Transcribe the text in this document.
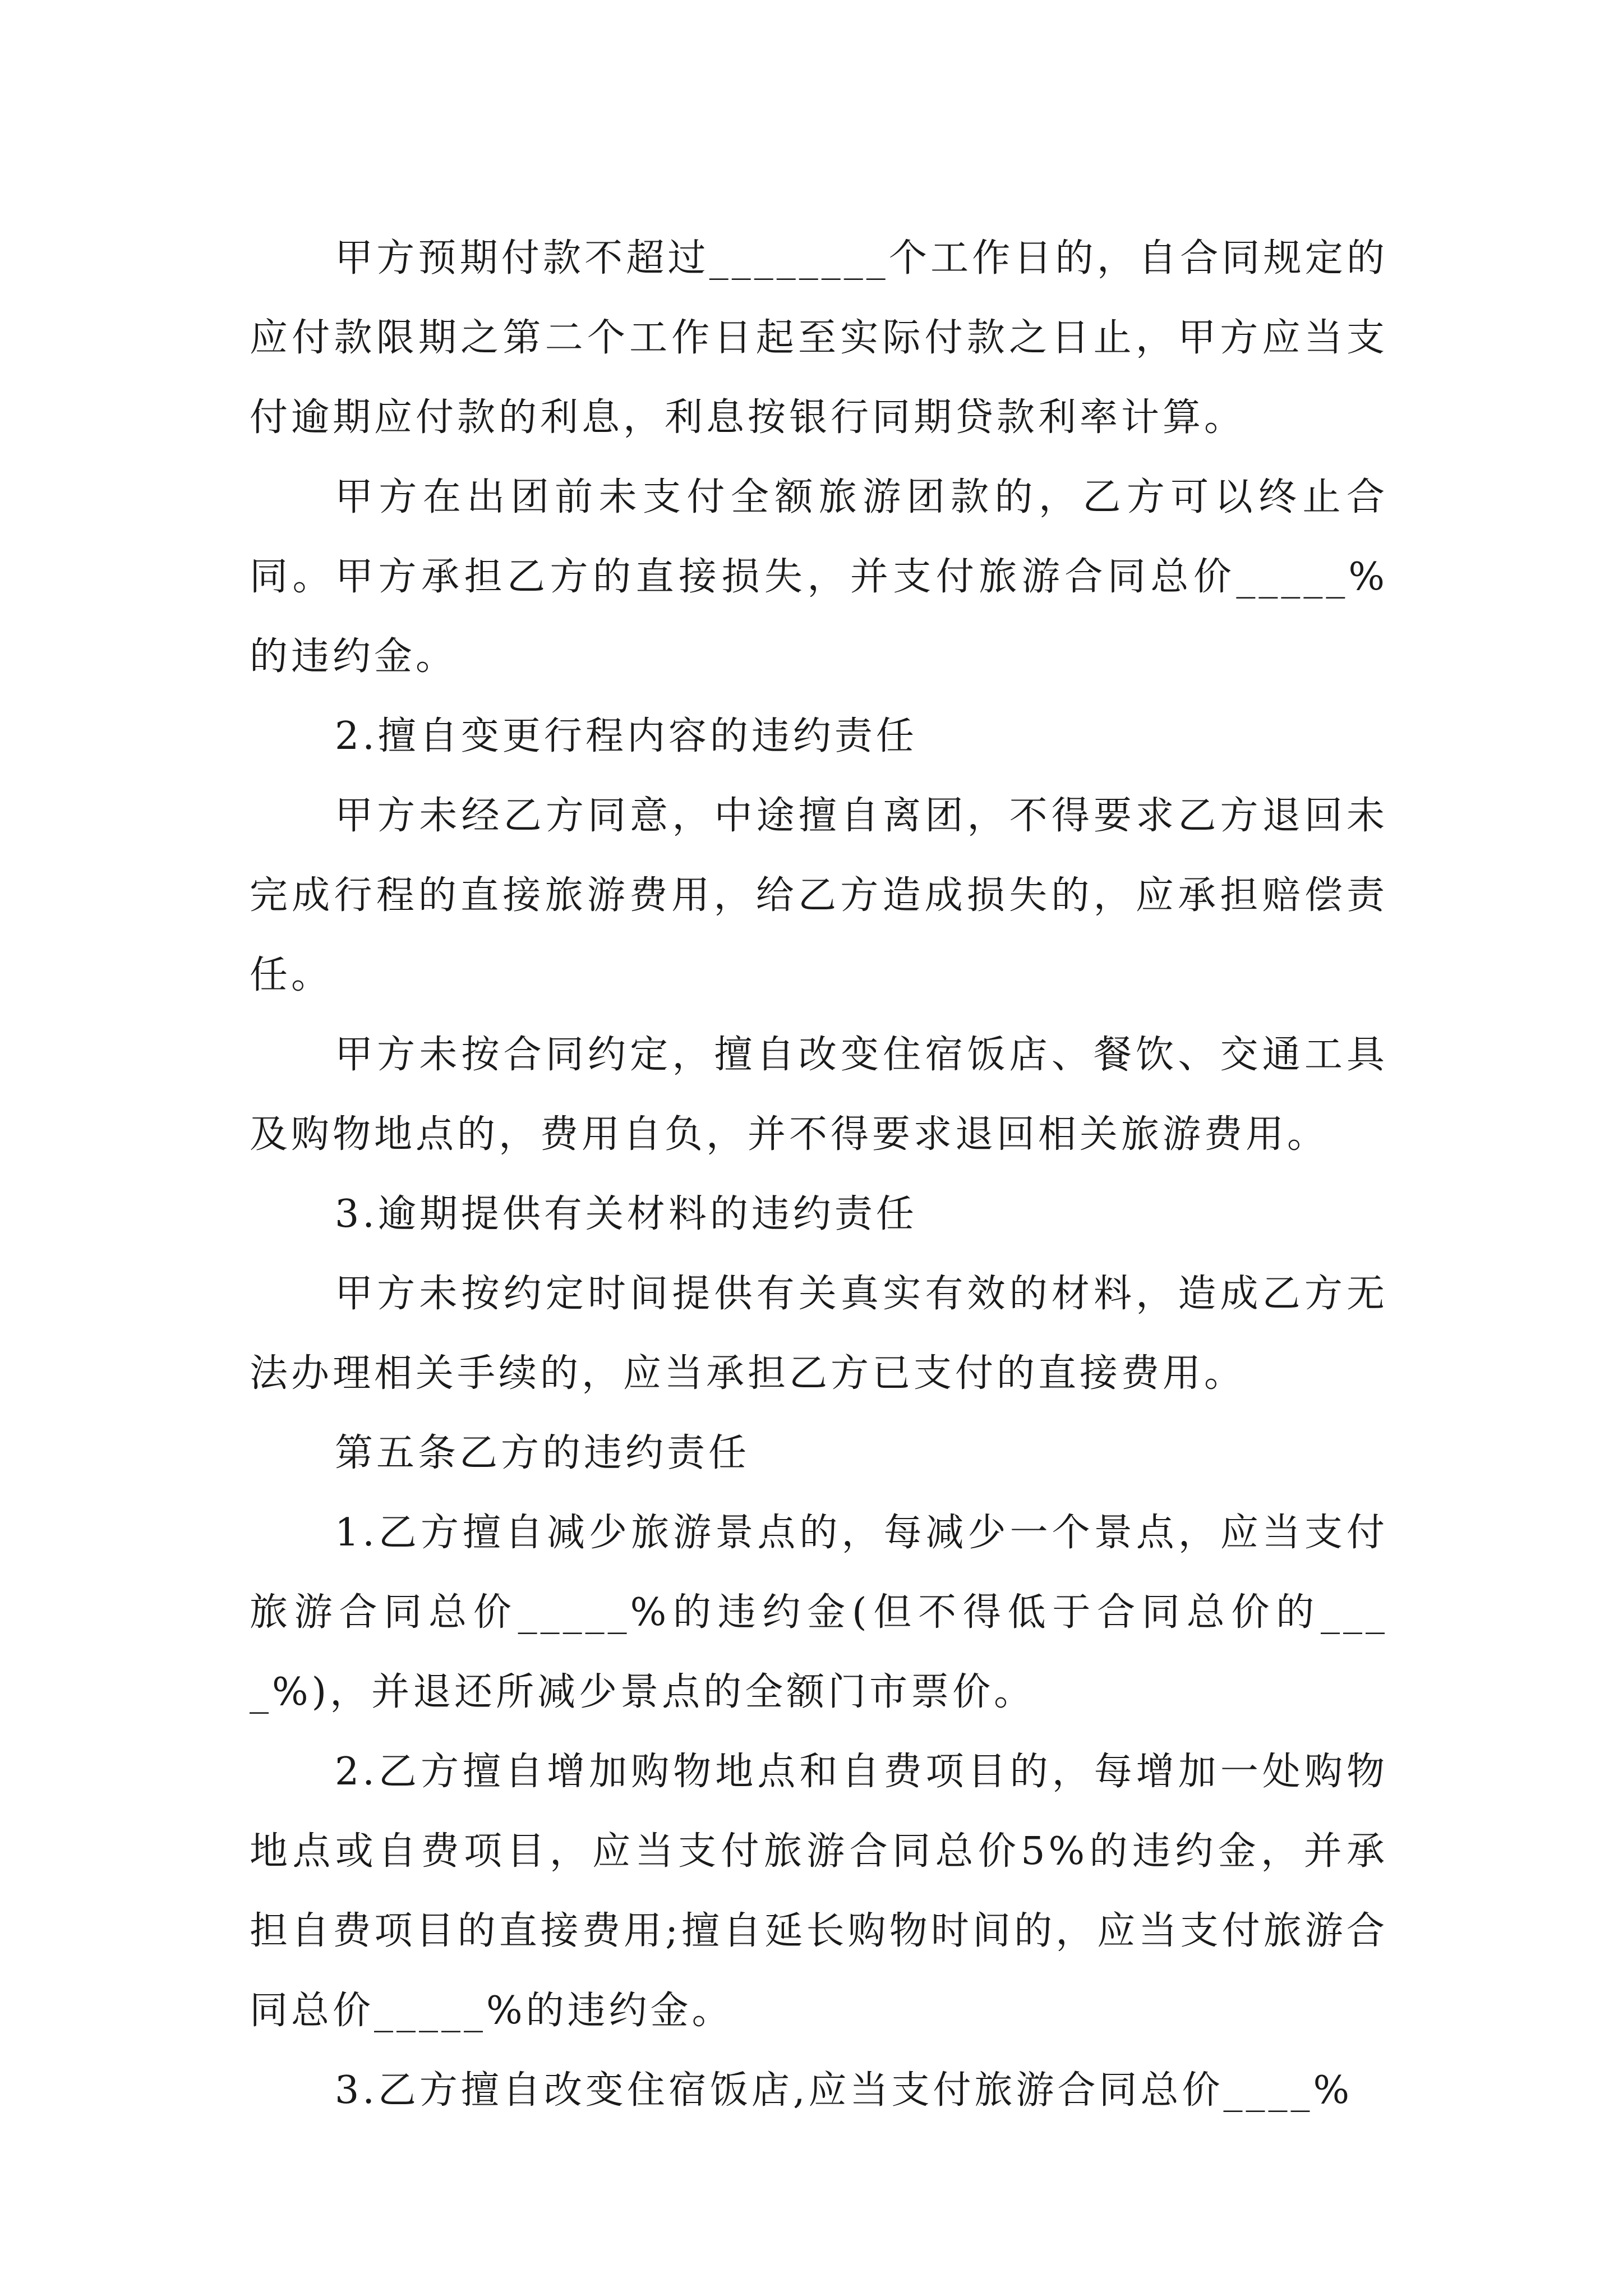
甲方预期付款不超过________个工作日的，自合同规定的应付款限期之第二个工作日起至实际付款之日止，甲方应当支付逾期应付款的利息，利息按银行同期贷款利率计算。

甲方在出团前未支付全额旅游团款的，乙方可以终止合同。甲方承担乙方的直接损失，并支付旅游合同总价_____%的违约金。

2.擅自变更行程内容的违约责任

甲方未经乙方同意，中途擅自离团，不得要求乙方退回未完成行程的直接旅游费用，给乙方造成损失的，应承担赔偿责任。

甲方未按合同约定，擅自改变住宿饭店、餐饮、交通工具及购物地点的，费用自负，并不得要求退回相关旅游费用。

3.逾期提供有关材料的违约责任

甲方未按约定时间提供有关真实有效的材料，造成乙方无法办理相关手续的，应当承担乙方已支付的直接费用。

第五条乙方的违约责任

1.乙方擅自减少旅游景点的，每减少一个景点，应当支付旅游合同总价_____%的违约金(但不得低于合同总价的____%)，并退还所减少景点的全额门市票价。

2.乙方擅自增加购物地点和自费项目的，每增加一处购物地点或自费项目，应当支付旅游合同总价5%的违约金，并承担自费项目的直接费用;擅自延长购物时间的，应当支付旅游合同总价_____%的违约金。

3.乙方擅自改变住宿饭店,应当支付旅游合同总价____%
